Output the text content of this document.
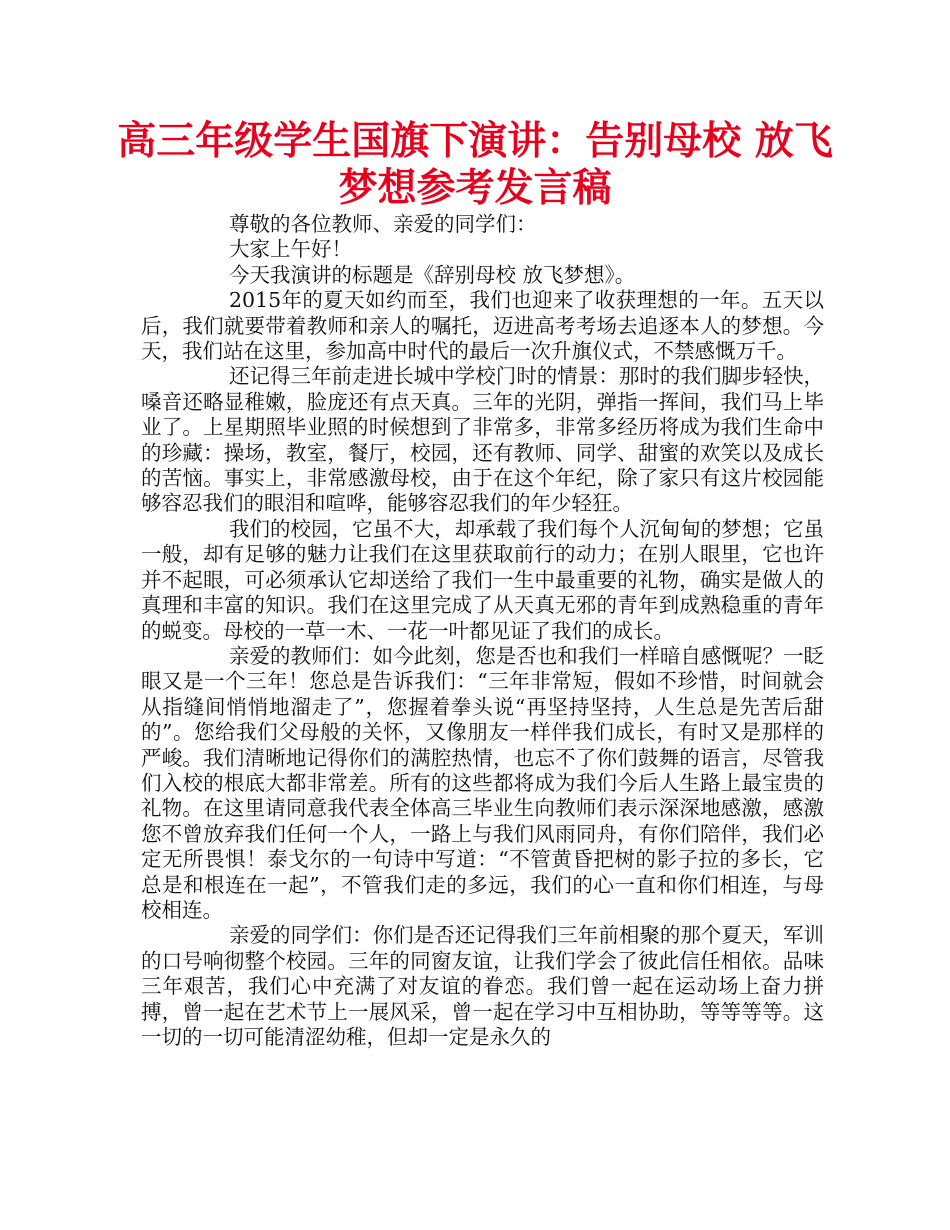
高三年级学生国旗下演讲：告别母校 放飞
梦想参考发言稿

尊敬的各位教师、亲爱的同学们：

大家上午好！

今天我演讲的标题是《辞别母校 放飞梦想》。

2015年的夏天如约而至，我们也迎来了收获理想的一年。五天以后，我们就要带着教师和亲人的嘱托，迈进高考考场去追逐本人的梦想。今天，我们站在这里，参加高中时代的最后一次升旗仪式，不禁感慨万千。

还记得三年前走进长城中学校门时的情景：那时的我们脚步轻快，嗓音还略显稚嫩，脸庞还有点天真。三年的光阴，弹指一挥间，我们马上毕业了。上星期照毕业照的时候想到了非常多，非常多经历将成为我们生命中的珍藏：操场，教室，餐厅，校园，还有教师、同学、甜蜜的欢笑以及成长的苦恼。事实上，非常感激母校，由于在这个年纪，除了家只有这片校园能够容忍我们的眼泪和喧哗，能够容忍我们的年少轻狂。

我们的校园，它虽不大，却承载了我们每个人沉甸甸的梦想；它虽一般，却有足够的魅力让我们在这里获取前行的动力；在别人眼里，它也许并不起眼，可必须承认它却送给了我们一生中最重要的礼物，确实是做人的真理和丰富的知识。我们在这里完成了从天真无邪的青年到成熟稳重的青年的蜕变。母校的一草一木、一花一叶都见证了我们的成长。

亲爱的教师们：如今此刻，您是否也和我们一样暗自感慨呢？一眨眼又是一个三年！您总是告诉我们：“三年非常短，假如不珍惜，时间就会从指缝间悄悄地溜走了”，您握着拳头说“再坚持坚持，人生总是先苦后甜的”。您给我们父母般的关怀，又像朋友一样伴我们成长，有时又是那样的严峻。我们清晰地记得你们的满腔热情，也忘不了你们鼓舞的语言，尽管我们入校的根底大都非常差。所有的这些都将成为我们今后人生路上最宝贵的礼物。在这里请同意我代表全体高三毕业生向教师们表示深深地感激，感激您不曾放弃我们任何一个人，一路上与我们风雨同舟，有你们陪伴，我们必定无所畏惧！泰戈尔的一句诗中写道：“不管黄昏把树的影子拉的多长，它总是和根连在一起”，不管我们走的多远，我们的心一直和你们相连，与母校相连。

亲爱的同学们：你们是否还记得我们三年前相聚的那个夏天，军训的口号响彻整个校园。三年的同窗友谊，让我们学会了彼此信任相依。品味三年艰苦，我们心中充满了对友谊的眷恋。我们曾一起在运动场上奋力拼搏，曾一起在艺术节上一展风采，曾一起在学习中互相协助，等等等等。这一切的一切可能清涩幼稚，但却一定是永久的
